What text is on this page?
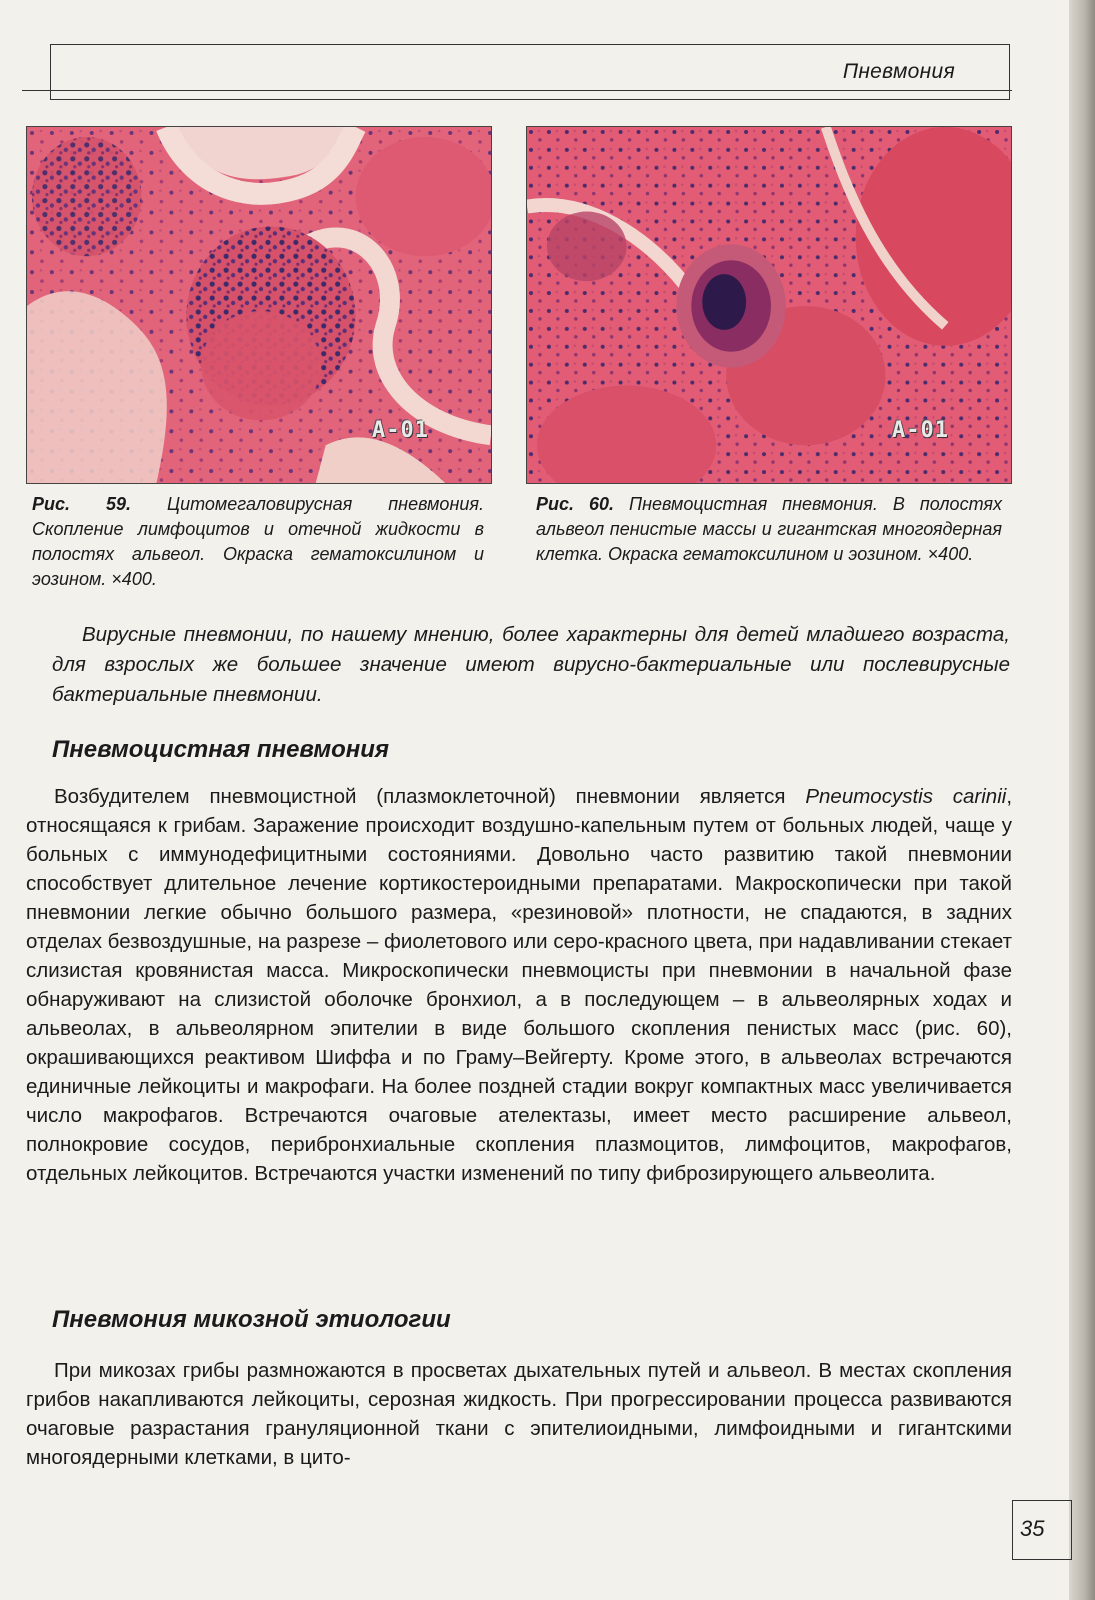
Пневмония
A-01	A-01
Рис. 59. Цитомегаловирусная пневмония. Скопление лимфоцитов и отечной жидкости в полостях альвеол. Окраска гематоксилином и эозином. ×400.
Рис. 60. Пневмоцистная пневмония. В полостях альвеол пенистые массы и гигантская многоядерная клетка. Окраска гематоксилином и эозином. ×400.
Вирусные пневмонии, по нашему мнению, более характерны для детей младшего возраста, для взрослых же большее значение имеют вирусно-бактериальные или послевирусные бактериальные пневмонии.
Пневмоцистная пневмония
Возбудителем пневмоцистной (плазмоклеточной) пневмонии является Pneumocystis carinii, относящаяся к грибам. Заражение происходит воздушно-капельным путем от больных людей, чаще у больных с иммунодефицитными состояниями. Довольно часто развитию такой пневмонии способствует длительное лечение кортикостероидными препаратами. Макроскопически при такой пневмонии легкие обычно большого размера, «резиновой» плотности, не спадаются, в задних отделах безвоздушные, на разрезе – фиолетового или серо-красного цвета, при надавливании стекает слизистая кровянистая масса. Микроскопически пневмоцисты при пневмонии в начальной фазе обнаруживают на слизистой оболочке бронхиол, а в последующем – в альвеолярных ходах и альвеолах, в альвеолярном эпителии в виде большого скопления пенистых масс (рис. 60), окрашивающихся реактивом Шиффа и по Граму–Вейгерту. Кроме этого, в альвеолах встречаются единичные лейкоциты и макрофаги. На более поздней стадии вокруг компактных масс увеличивается число макрофагов. Встречаются очаговые ателектазы, имеет место расширение альвеол, полнокровие сосудов, перибронхиальные скопления плазмоцитов, лимфоцитов, макрофагов, отдельных лейкоцитов. Встречаются участки изменений по типу фиброзирующего альвеолита.
Пневмония микозной этиологии
При микозах грибы размножаются в просветах дыхательных путей и альвеол. В местах скопления грибов накапливаются лейкоциты, серозная жидкость. При прогрессировании процесса развиваются очаговые разрастания грануляционной ткани с эпителиоидными, лимфоидными и гигантскими многоядерными клетками, в цито-
35
